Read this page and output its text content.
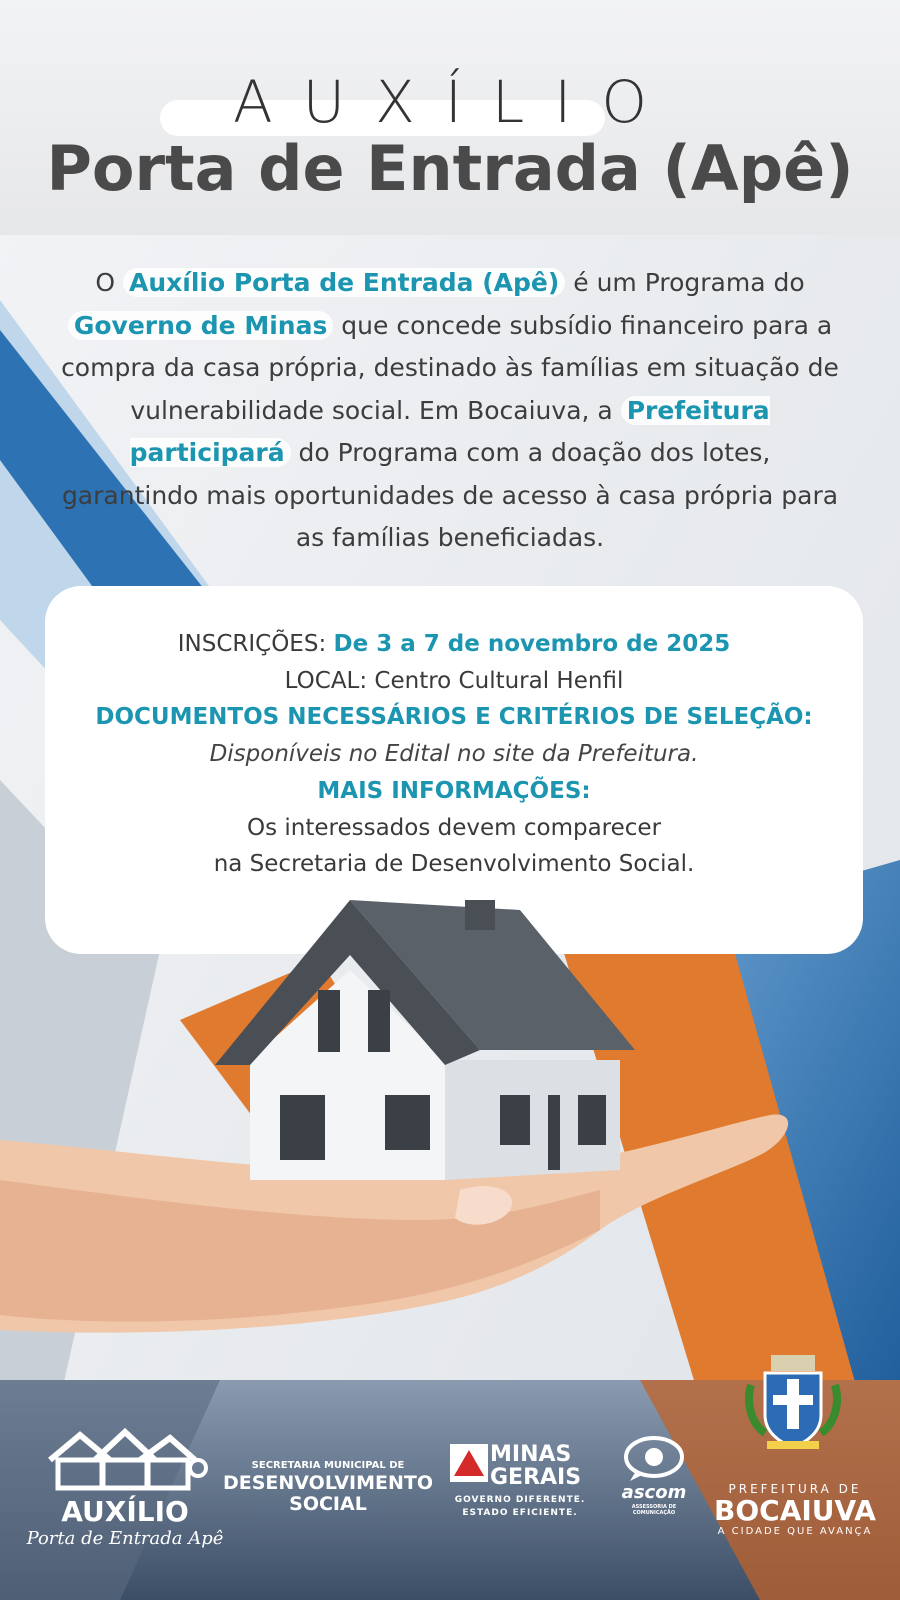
AUXÍLIO
Porta de Entrada (Apê)
O Auxílio Porta de Entrada (Apê) é um Programa do Governo de Minas que concede subsídio financeiro para a compra da casa própria, destinado às famílias em situação de vulnerabilidade social. Em Bocaiuva, a Prefeitura participará do Programa com a doação dos lotes, garantindo mais oportunidades de acesso à casa própria para as famílias beneficiadas.
INSCRIÇÕES: De 3 a 7 de novembro de 2025
LOCAL: Centro Cultural Henfil
DOCUMENTOS NECESSÁRIOS E CRITÉRIOS DE SELEÇÃO:
Disponíveis no Edital no site da Prefeitura.
MAIS INFORMAÇÕES:
Os interessados devem comparecer
na Secretaria de Desenvolvimento Social.
AUXÍLIO
Porta de Entrada Apê
SECRETARIA MUNICIPAL DE
DESENVOLVIMENTO
SOCIAL
MINAS
GERAIS
GOVERNO DIFERENTE.
ESTADO EFICIENTE.
ascom
ASSESSORIA DE COMUNICAÇÃO
PREFEITURA DE
BOCAIUVA
A CIDADE QUE AVANÇA
